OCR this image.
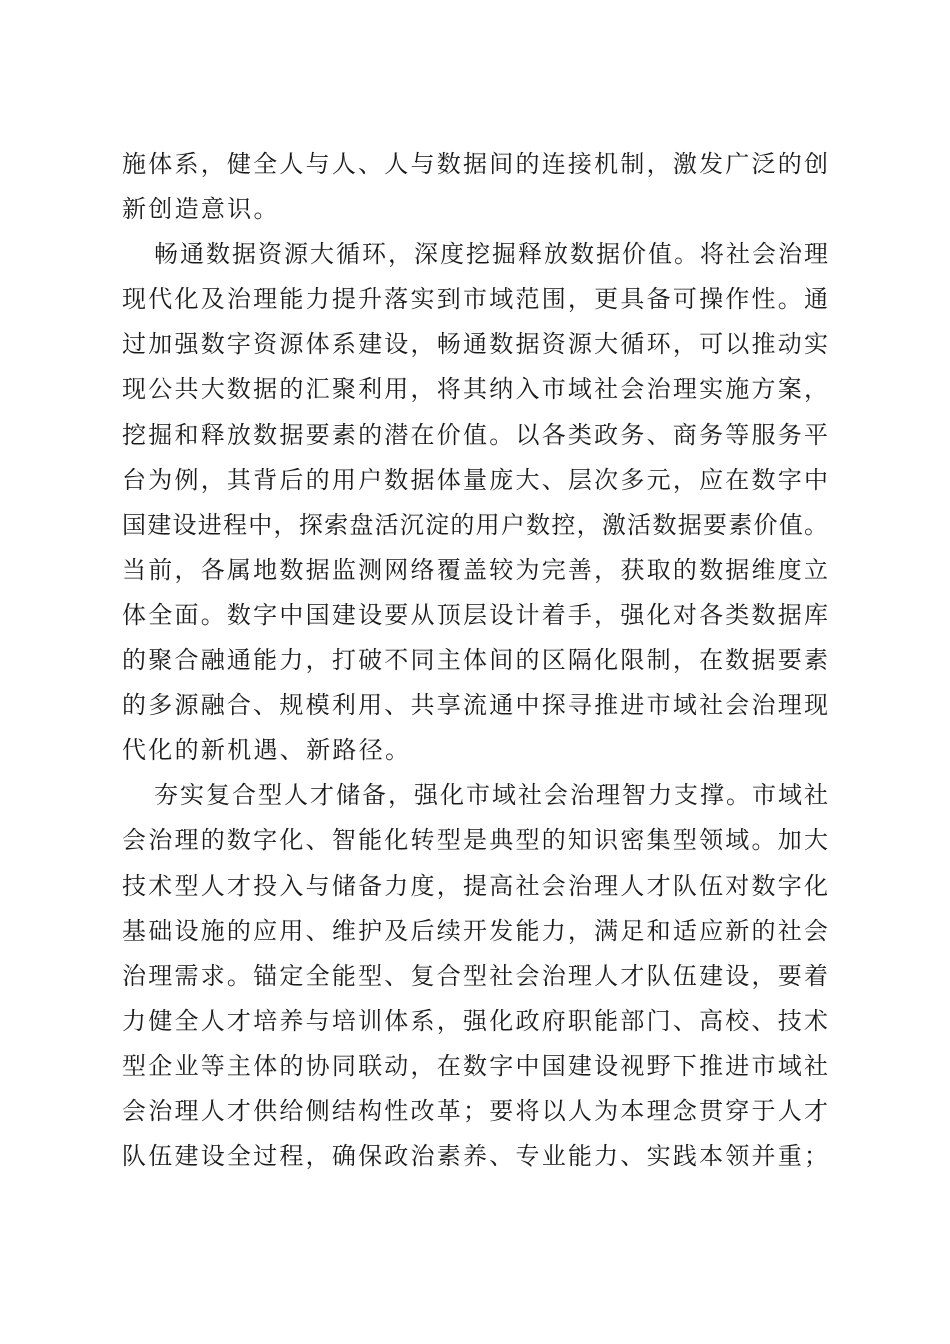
施体系，健全人与人、人与数据间的连接机制，激发广泛的创
新创造意识。
畅通数据资源大循环，深度挖掘释放数据价值。将社会治理
现代化及治理能力提升落实到市域范围，更具备可操作性。通
过加强数字资源体系建设，畅通数据资源大循环，可以推动实
现公共大数据的汇聚利用，将其纳入市域社会治理实施方案，
挖掘和释放数据要素的潜在价值。以各类政务、商务等服务平
台为例，其背后的用户数据体量庞大、层次多元，应在数字中
国建设进程中，探索盘活沉淀的用户数控，激活数据要素价值。
当前，各属地数据监测网络覆盖较为完善，获取的数据维度立
体全面。数字中国建设要从顶层设计着手，强化对各类数据库
的聚合融通能力，打破不同主体间的区隔化限制，在数据要素
的多源融合、规模利用、共享流通中探寻推进市域社会治理现
代化的新机遇、新路径。
夯实复合型人才储备，强化市域社会治理智力支撑。市域社
会治理的数字化、智能化转型是典型的知识密集型领域。加大
技术型人才投入与储备力度，提高社会治理人才队伍对数字化
基础设施的应用、维护及后续开发能力，满足和适应新的社会
治理需求。锚定全能型、复合型社会治理人才队伍建设，要着
力健全人才培养与培训体系，强化政府职能部门、高校、技术
型企业等主体的协同联动，在数字中国建设视野下推进市域社
会治理人才供给侧结构性改革；要将以人为本理念贯穿于人才
队伍建设全过程，确保政治素养、专业能力、实践本领并重；
